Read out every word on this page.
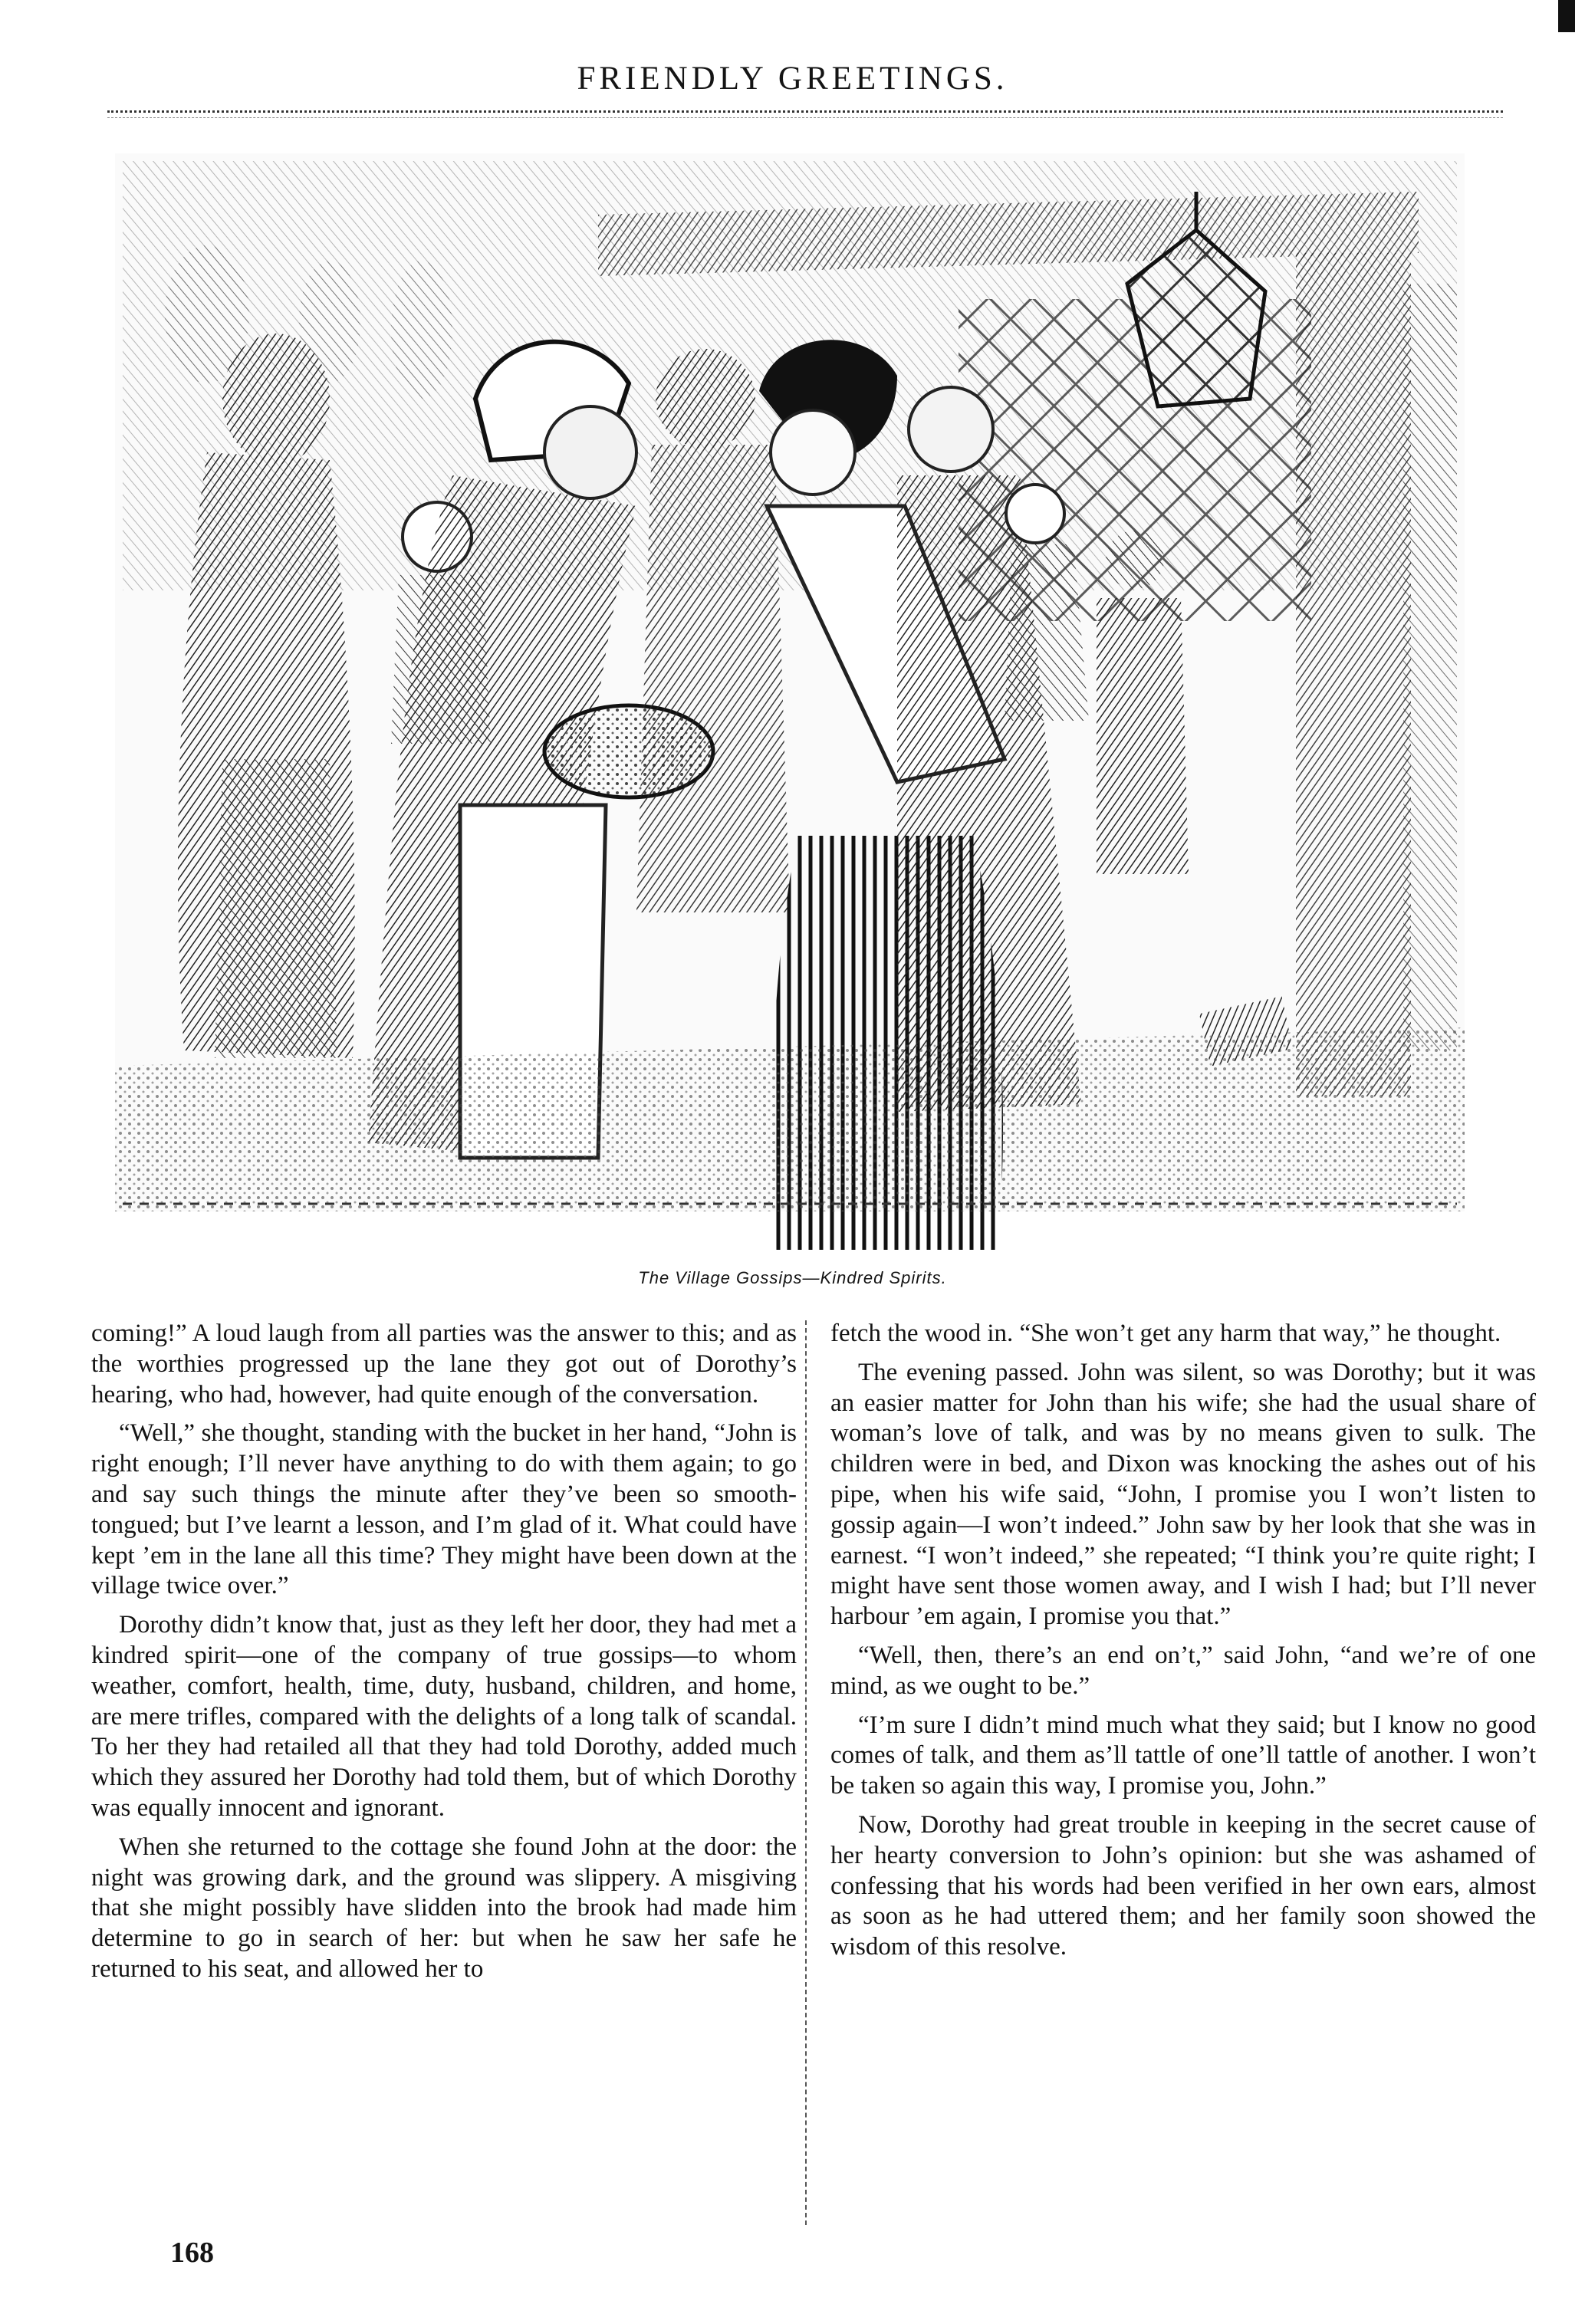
FRIENDLY GREETINGS.
The Village Gossips—Kindred Spirits.

coming!” A loud laugh from all parties was the answer to this; and as the worthies progressed up the lane they got out of Dorothy’s hearing, who had, however, had quite enough of the conversation.

“Well,” she thought, standing with the bucket in her hand, “John is right enough; I’ll never have anything to do with them again; to go and say such things the minute after they’ve been so smooth-tongued; but I’ve learnt a lesson, and I’m glad of it. What could have kept ’em in the lane all this time? They might have been down at the village twice over.”

Dorothy didn’t know that, just as they left her door, they had met a kindred spirit—one of the company of true gossips—to whom weather, comfort, health, time, duty, husband, children, and home, are mere trifles, compared with the delights of a long talk of scandal. To her they had retailed all that they had told Dorothy, added much which they assured her Dorothy had told them, but of which Dorothy was equally innocent and ignorant.

When she returned to the cottage she found John at the door: the night was growing dark, and the ground was slippery. A misgiving that she might possibly have slidden into the brook had made him determine to go in search of her: but when he saw her safe he returned to his seat, and allowed her to

fetch the wood in. “She won’t get any harm that way,” he thought.

The evening passed. John was silent, so was Dorothy; but it was an easier matter for John than his wife; she had the usual share of woman’s love of talk, and was by no means given to sulk. The children were in bed, and Dixon was knocking the ashes out of his pipe, when his wife said, “John, I promise you I won’t listen to gossip again—I won’t indeed.” John saw by her look that she was in earnest. “I won’t indeed,” she repeated; “I think you’re quite right; I might have sent those women away, and I wish I had; but I’ll never harbour ’em again, I promise you that.”

“Well, then, there’s an end on’t,” said John, “and we’re of one mind, as we ought to be.”

“I’m sure I didn’t mind much what they said; but I know no good comes of talk, and them as’ll tattle of one’ll tattle of another. I won’t be taken so again this way, I promise you, John.”

Now, Dorothy had great trouble in keeping in the secret cause of her hearty conversion to John’s opinion: but she was ashamed of confessing that his words had been verified in her own ears, almost as soon as he had uttered them; and her family soon showed the wisdom of this resolve.

168
